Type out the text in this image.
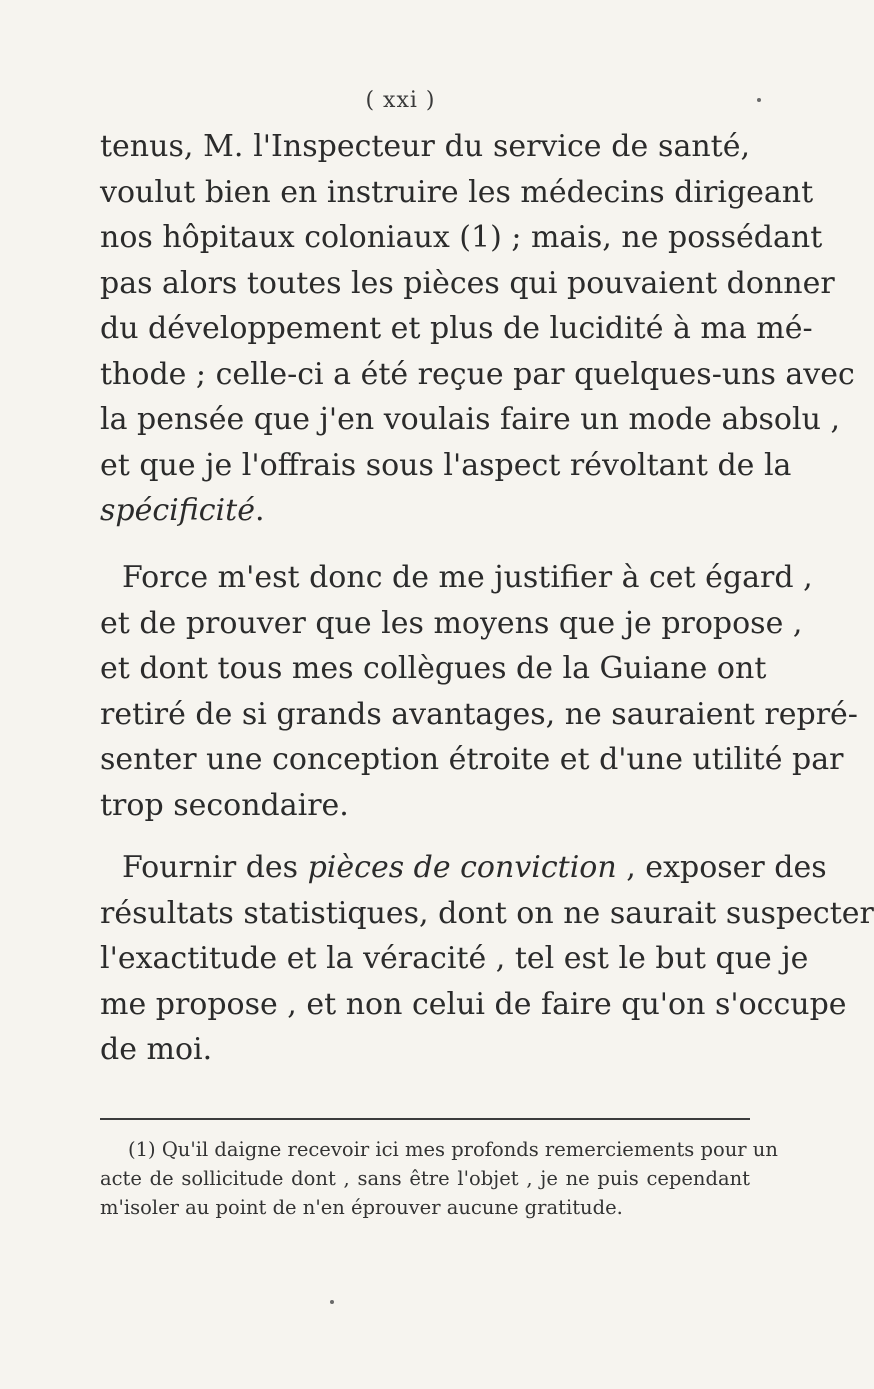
( xxi )

tenus, M. l'Inspecteur du service de santé,
voulut bien en instruire les médecins dirigeant
nos hôpitaux coloniaux (1) ; mais, ne possédant
pas alors toutes les pièces qui pouvaient donner
du développement et plus de lucidité à ma mé-
thode ; celle-ci a été reçue par quelques-uns avec
la pensée que j'en voulais faire un mode absolu ,
et que je l'offrais sous l'aspect révoltant de la
spécificité.

Force m'est donc de me justifier à cet égard ,
et de prouver que les moyens que je propose ,
et dont tous mes collègues de la Guiane ont
retiré de si grands avantages, ne sauraient repré-
senter une conception étroite et d'une utilité par
trop secondaire.

Fournir des pièces de conviction , exposer des
résultats statistiques, dont on ne saurait suspecter
l'exactitude et la véracité , tel est le but que je
me propose , et non celui de faire qu'on s'occupe
de moi.

(1) Qu'il daigne recevoir ici mes profonds remerciements pour un
acte de sollicitude dont , sans être l'objet , je ne puis cependant
m'isoler au point de n'en éprouver aucune gratitude.
